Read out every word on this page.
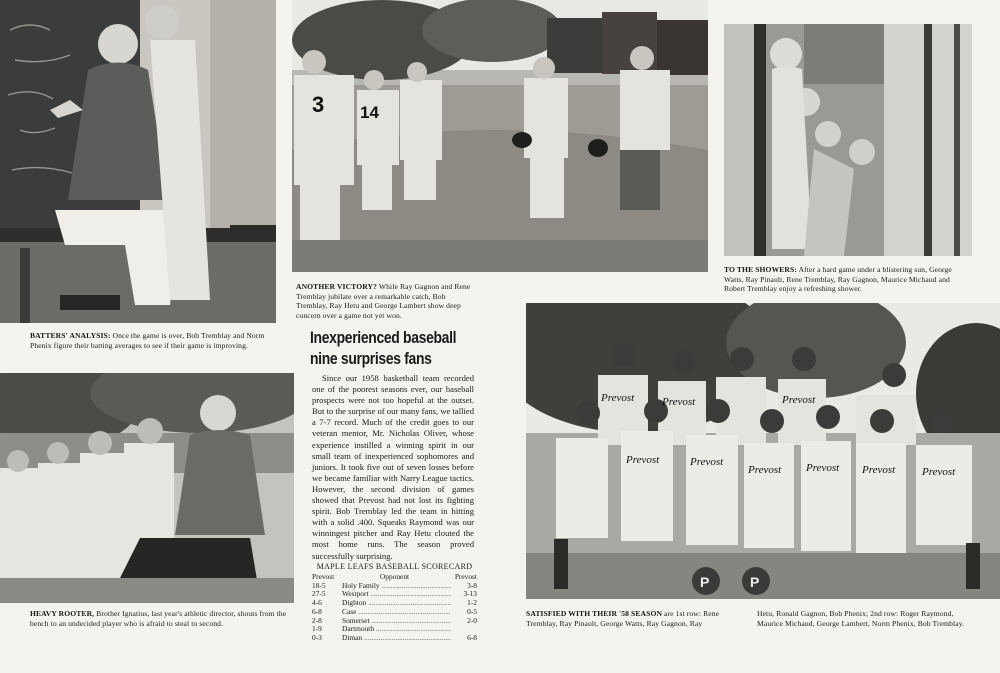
BATTERS' ANALYSIS: Once the game is over, Bob Tremblay and Norm Phenix figure their batting averages to see if their game is improving.
3 14
ANOTHER VICTORY? While Ray Gagnon and Rene Tremblay jubilate over a remarkable catch, Bob Tremblay, Ray Hetu and George Lambert show deep concern over a game not yet won.
TO THE SHOWERS: After a hard game under a blistering sun, George Watts, Ray Pinault, Rene Tremblay, Ray Gagnon, Maurice Michaud and Robert Tremblay enjoy a refreshing shower.
HEAVY ROOTER, Brother Ignatius, last year's athletic director, shouts from the bench to an undecided player who is afraid to steal to second.
Inexperienced baseball
nine surprises fans
Since our 1958 basketball team recorded one of the poorest seasons ever, our baseball prospects were not too hopeful at the outset. But to the surprise of our many fans, we tallied a 7-7 record. Much of the credit goes to our veteran mentor, Mr. Nicholas Oliver, whose experience instilled a winning spirit in our small team of inexperienced sophomores and juniors. It took five out of seven losses before we became familiar with Narry League tactics. However, the second division of games showed that Prevost had not lost its fighting spirit. Bob Tremblay led the team in hitting with a solid .400. Squeaks Raymond was our winningest pitcher and Ray Hetu clouted the most home runs. The season proved successfully surprising.
MAPLE LEAFS BASEBALL SCORECARD
Prevost	Opponent	Prevost
18-5	Holy Family .....	3-8
27-5	Westport .....	3-13
4-6	Dighton .....	1-2
6-8	Case .....	0-5
2-8	Somerset .....	2-0
1-9	Dartmouth .....
0-3	Diman .....	6-8
Prevost	Prevost	Prevost
Prevost	Prevost
Prevost Prevost Prevost Prevost
P	P
SATISFIED WITH THEIR '58 SEASON are 1st row: Rene Tremblay, Ray Pinault, George Watts, Ray Gagnon, Ray
Hetu, Ronald Gagnon, Bob Phenix; 2nd row: Roger Raymond, Maurice Michaud, George Lambert, Norm Phenix, Bob Tremblay.
